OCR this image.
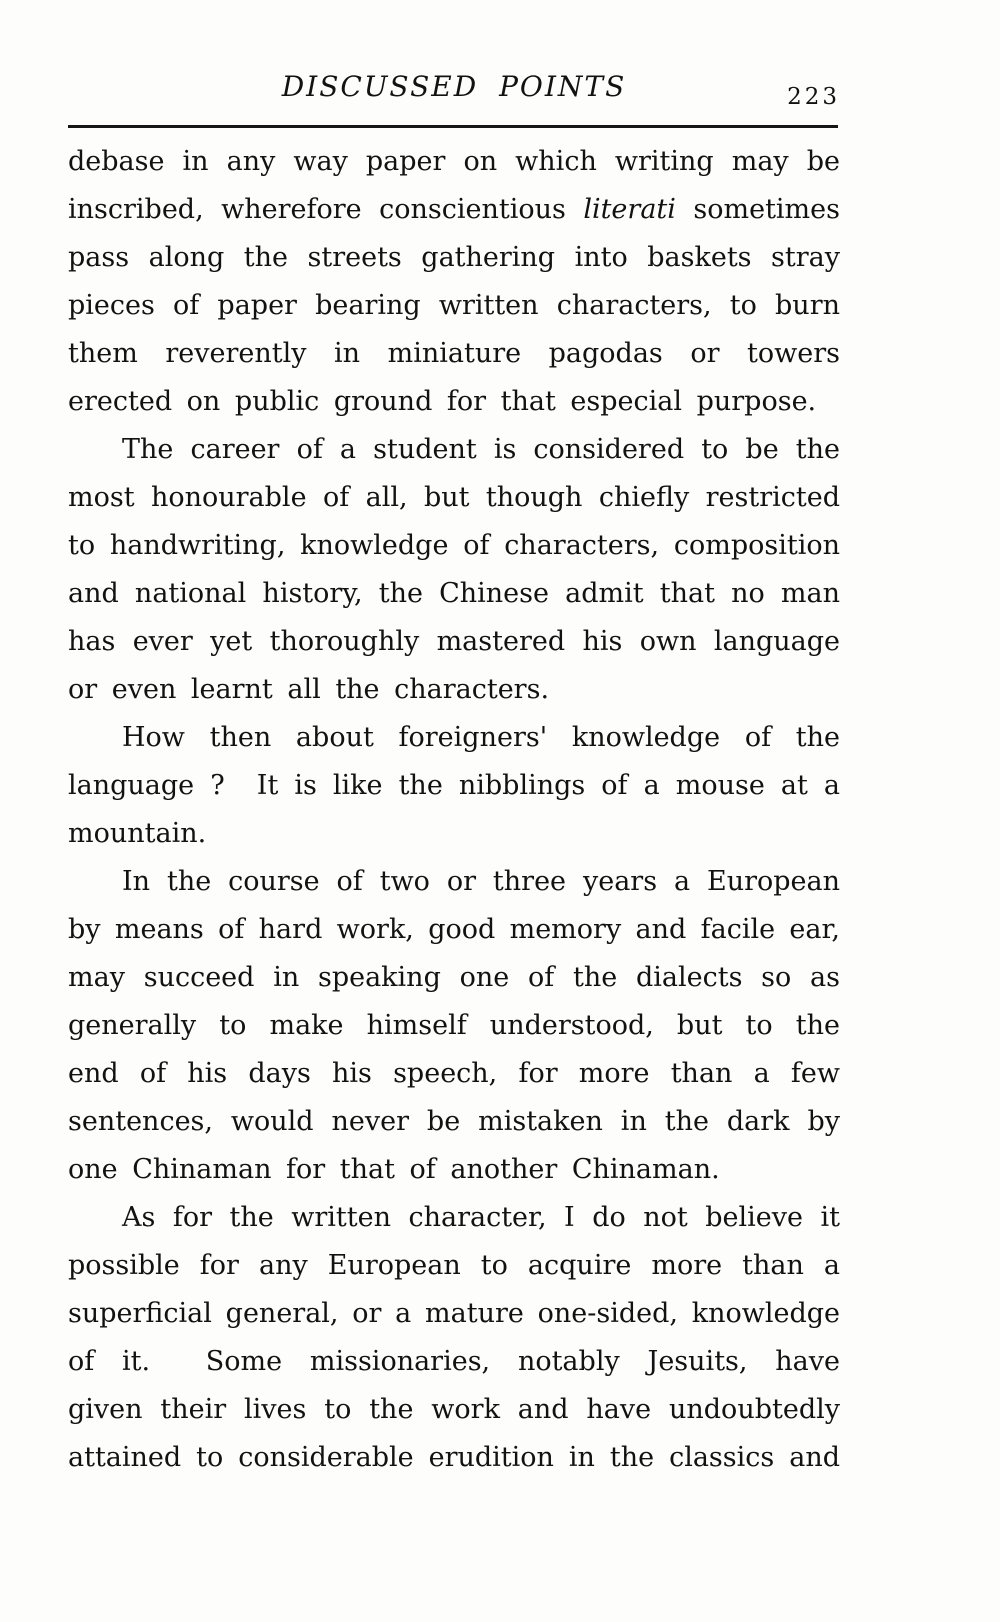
DISCUSSED POINTS	223
debase in any way paper on which writing may be
inscribed, wherefore conscientious literati sometimes
pass along the streets gathering into baskets stray
pieces of paper bearing written characters, to burn
them reverently in miniature pagodas or towers
erected on public ground for that especial purpose.
The career of a student is considered to be the
most honourable of all, but though chiefly restricted
to handwriting, knowledge of characters, composition
and national history, the Chinese admit that no man
has ever yet thoroughly mastered his own language
or even learnt all the characters.
How then about foreigners' knowledge of the
language ?  It is like the nibblings of a mouse at a
mountain.
In the course of two or three years a European
by means of hard work, good memory and facile ear,
may succeed in speaking one of the dialects so as
generally to make himself understood, but to the
end of his days his speech, for more than a few
sentences, would never be mistaken in the dark by
one Chinaman for that of another Chinaman.
As for the written character, I do not believe it
possible for any European to acquire more than a
superficial general, or a mature one-sided, knowledge
of it.  Some missionaries, notably Jesuits, have
given their lives to the work and have undoubtedly
attained to considerable erudition in the classics and
